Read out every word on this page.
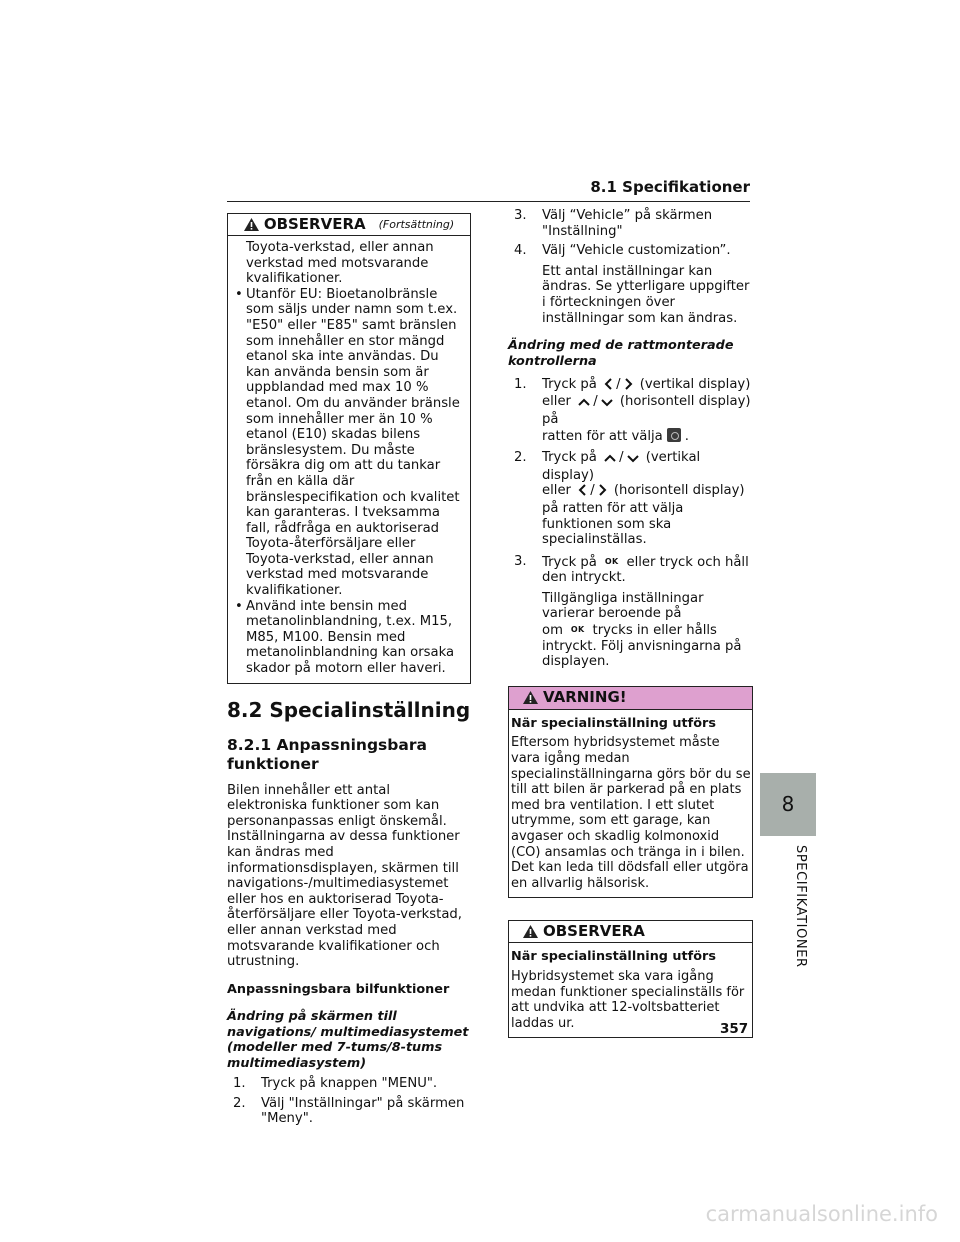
8.1 Specifikationer
8
SPECIFIKATIONER
OBSERVERA (Fortsättning)
Toyota-verkstad, eller annan verkstad med motsvarande kvalifikationer.
• Utanför EU: Bioetanolbränsle som säljs under namn som t.ex. "E50" eller "E85" samt bränslen som innehåller en stor mängd etanol ska inte användas. Du kan använda bensin som är uppblandad med max 10 % etanol. Om du använder bränsle som innehåller mer än 10 % etanol (E10) skadas bilens bränslesystem. Du måste försäkra dig om att du tankar från en källa där bränslespecifikation och kvalitet kan garanteras. I tveksamma fall, rådfråga en auktoriserad Toyota-återförsäljare eller Toyota-verkstad, eller annan verkstad med motsvarande kvalifikationer.
• Använd inte bensin med metanolinblandning, t.ex. M15, M85, M100. Bensin med metanolinblandning kan orsaka skador på motorn eller haveri.
8.2 Specialinställning
8.2.1 Anpassningsbara funktioner
Bilen innehåller ett antal elektroniska funktioner som kan personanpassas enligt önskemål. Inställningarna av dessa funktioner kan ändras med informationsdisplayen, skärmen till navigations-/multimediasystemet eller hos en auktoriserad Toyota-återförsäljare eller Toyota-verkstad, eller annan verkstad med motsvarande kvalifikationer och utrustning.
Anpassningsbara bilfunktioner
Ändring på skärmen till navigations/ multimediasystemet (modeller med 7-tums/8-tums multimediasystem)
1. Tryck på knappen "MENU".
2. Välj "Inställningar" på skärmen "Meny".
3. Välj “Vehicle” på skärmen "Inställning"
4. Välj “Vehicle customization”.
Ett antal inställningar kan ändras. Se ytterligare uppgifter i förteckningen över inställningar som kan ändras.
Ändring med de rattmonterade kontrollerna
1. Tryck på / (vertikal display)
eller / (horisontell display) på
ratten för att välja .
2. Tryck på / (vertikal display)
eller / (horisontell display) på ratten för att välja funktionen som ska specialinställas.
3. Tryck på OK eller tryck och håll den intryckt.
Tillgängliga inställningar varierar beroende på om OK trycks in eller hålls intryckt. Följ anvisningarna på displayen.
VARNING!
När specialinställning utförs
Eftersom hybridsystemet måste vara igång medan specialinställningarna görs bör du se till att bilen är parkerad på en plats med bra ventilation. I ett slutet utrymme, som ett garage, kan avgaser och skadlig kolmonoxid (CO) ansamlas och tränga in i bilen. Det kan leda till dödsfall eller utgöra en allvarlig hälsorisk.
OBSERVERA
När specialinställning utförs
Hybridsystemet ska vara igång medan funktioner specialinställs för att undvika att 12-voltsbatteriet laddas ur.	357
carmanualsonline.info
